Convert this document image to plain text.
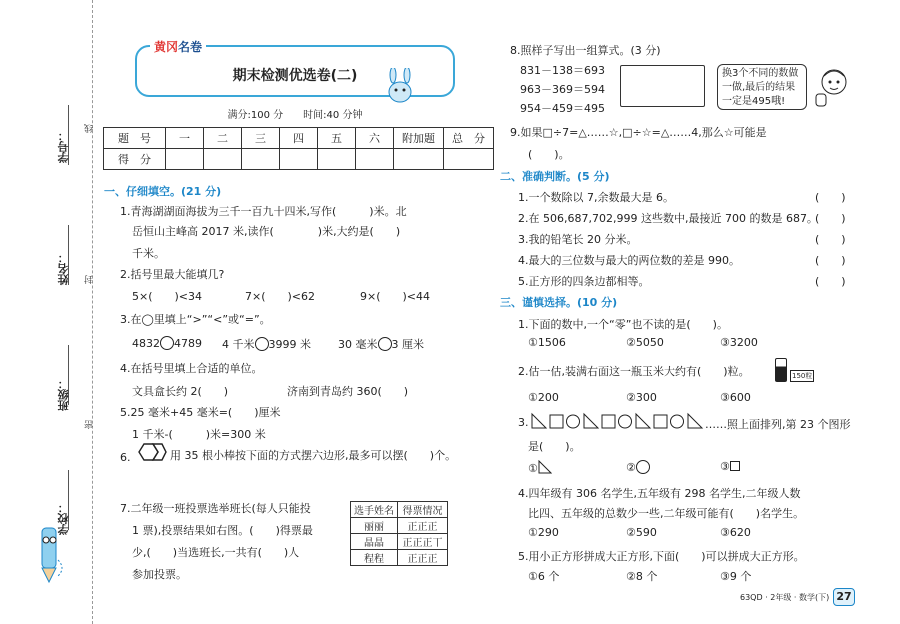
学号：
线
姓名： 封
班级：
密
学校：
期末检测优选卷(二)
黄冈名卷
满分:100 分　　 时间:40 分钟
题　号	一	二	三	四	五	六	附加题	总　分
得　分								
一、仔细填空。(21 分)
1.青海湖湖面海拔为三千一百九十四米,写作(　　　)米。北
岳恒山主峰高 2017 米,读作(　　　　)米,大约是(　　)
千米。
2.括号里最大能填几?
5×(　　)<34	7×(　　)<62	9×(　　)<44
3.在◯里填上“>”“<”或“=”。
4832 4789 4 千米 3999 米 30 毫米 3 厘米
4.在括号里填上合适的单位。
文具盒长约 2(　　)	济南到青岛约 360(　　)
5.25 毫米+45 毫米=(　　)厘米
1 千米-(　　　)米=300 米
6.	用 35 根小棒按下面的方式摆六边形,最多可以摆(　　)个。
7.二年级一班投票选举班长(每人只能投
1 票),投票结果如右图。(　　)得票最
少,(　　)当选班长,一共有(　　)人
参加投票。
选手姓名	得票情况
丽丽	正正正
晶晶	正正正丅
程程	正正正
8.照样子写出一组算式。(3 分)
831－138＝693
963－369＝594
954－459＝495
换3个不同的数做一做,最后的结果一定是495哦!
9.如果□÷7=△……☆,□÷☆=△……4,那么☆可能是
(　　)。
二、准确判断。(5 分)
1.一个数除以 7,余数最大是 6。
2.在 506,687,702,999 这些数中,最接近 700 的数是 687。
3.我的铅笔长 20 分米。
4.最大的三位数与最大的两位数的差是 990。
5.正方形的四条边都相等。
(　　)
(　　)
(　　)
(　　)
(　　)
三、谨慎选择。(10 分)
1.下面的数中,一个“零”也不读的是(　　)。
①1506	②5050	③3200
2.估一估,装满右面这一瓶玉米大约有(　　)粒。	150粒
①200	②300	③600
3.	……照上面排列,第 23 个图形
是(　　)。
①	②	③
4.四年级有 306 名学生,五年级有 298 名学生,二年级人数
比四、五年级的总数少一些,二年级可能有(　　)名学生。
①290	②590	③620
5.用小正方形拼成大正方形,下面(　　)可以拼成大正方形。
①6 个	②8 个	③9 个
63QD · 2年级 · 数学(下) 27
